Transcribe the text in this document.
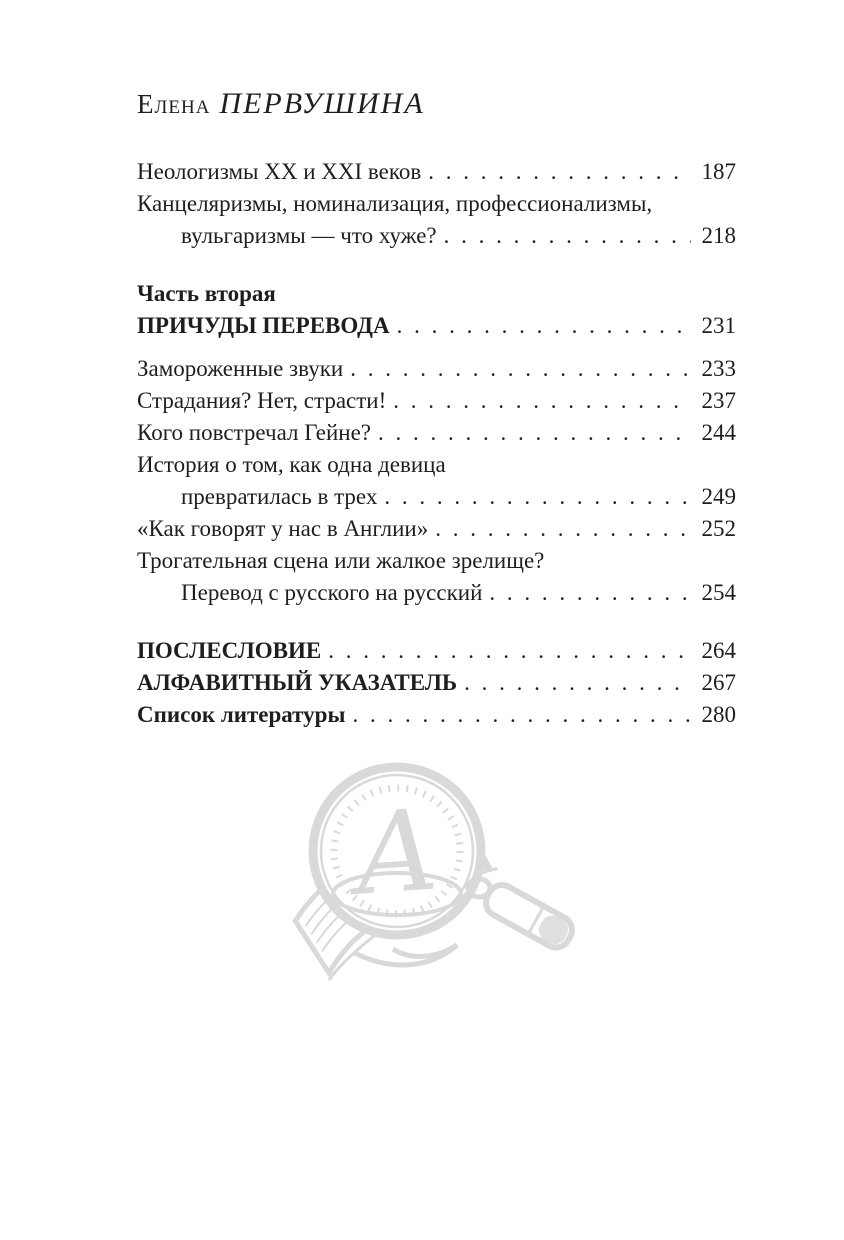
Елена ПЕРВУШИНА
Неологизмы XX и XXI веков . . .	187
Канцеляризмы, номинализация, профессионализмы,
вульгаризмы — что хуже? . . .	218
Часть вторая
ПРИЧУДЫ ПЕРЕВОДА . . .	231
Замороженные звуки . . .	233
Страдания? Нет, страсти! . . .	237
Кого повстречал Гейне? . . .	244
История о том, как одна девица
превратилась в трех . . .	249
«Как говорят у нас в Англии» . . .	252
Трогательная сцена или жалкое зрелище?
Перевод с русского на русский . . .	254
ПОСЛЕСЛОВИЕ . . .	264
АЛФАВИТНЫЙ УКАЗАТЕЛЬ . . .	267
Список литературы . . .	280
А
